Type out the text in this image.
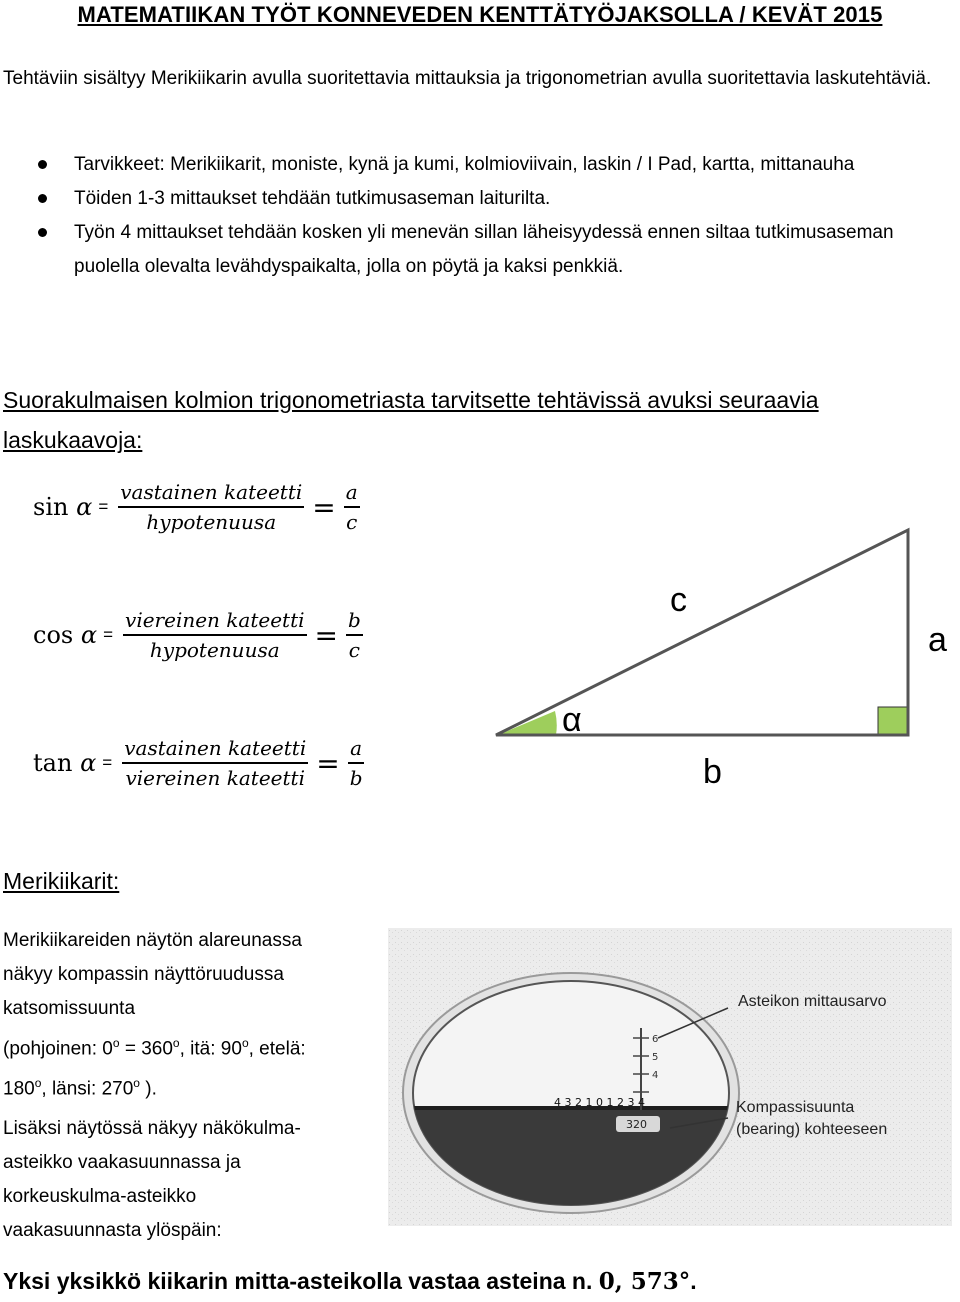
MATEMATIIKAN TYÖT KONNEVEDEN KENTTÄTYÖJAKSOLLA / KEVÄT 2015
Tehtäviin sisältyy Merikiikarin avulla suoritettavia mittauksia ja trigonometrian avulla suoritettavia laskutehtäviä.
Tarvikkeet: Merikiikarit, moniste, kynä ja kumi, kolmioviivain, laskin / I Pad, kartta, mittanauha
Töiden 1-3 mittaukset tehdään tutkimusaseman laiturilta.
Työn 4 mittaukset tehdään kosken yli menevän sillan läheisyydessä ennen siltaa tutkimusaseman puolella olevalta levähdyspaikalta, jolla on pöytä ja kaksi penkkiä.
Suorakulmaisen kolmion trigonometriasta tarvitsette tehtävissä avuksi seuraavia laskukaavoja:
$\sin \alpha = \frac{\text{vastainen kateetti}}{\text{hypotenuusa}} = \frac{a}{c}$
$\cos \alpha = \frac{\text{viereinen kateetti}}{\text{hypotenuusa}} = \frac{b}{c}$
$\tan \alpha = \frac{\text{vastainen kateetti}}{\text{viereinen kateetti}} = \frac{a}{b}$
c
a
b
α
Merikiikarit:
Merikiikareiden näytön alareunassa
näkyy kompassin näyttöruudussa
katsomissuunta
(pohjoinen: $0^o = 360^o$, itä: 90$^o$, etelä:
180$^o$, länsi: 270$^o$ ).
Lisäksi näytössä näkyy näkökulma-
asteikko vaakasuunnassa ja
korkeuskulma-asteikko
vaakasuunnasta ylöspäin:
6
5
4
4 3 2 1 0 1 2 3 4
320
Asteikon mittausarvo
Kompassisuunta
(bearing) kohteeseen
Yksi yksikkö kiikarin mitta-asteikolla vastaa asteina n. 0, 573°.
